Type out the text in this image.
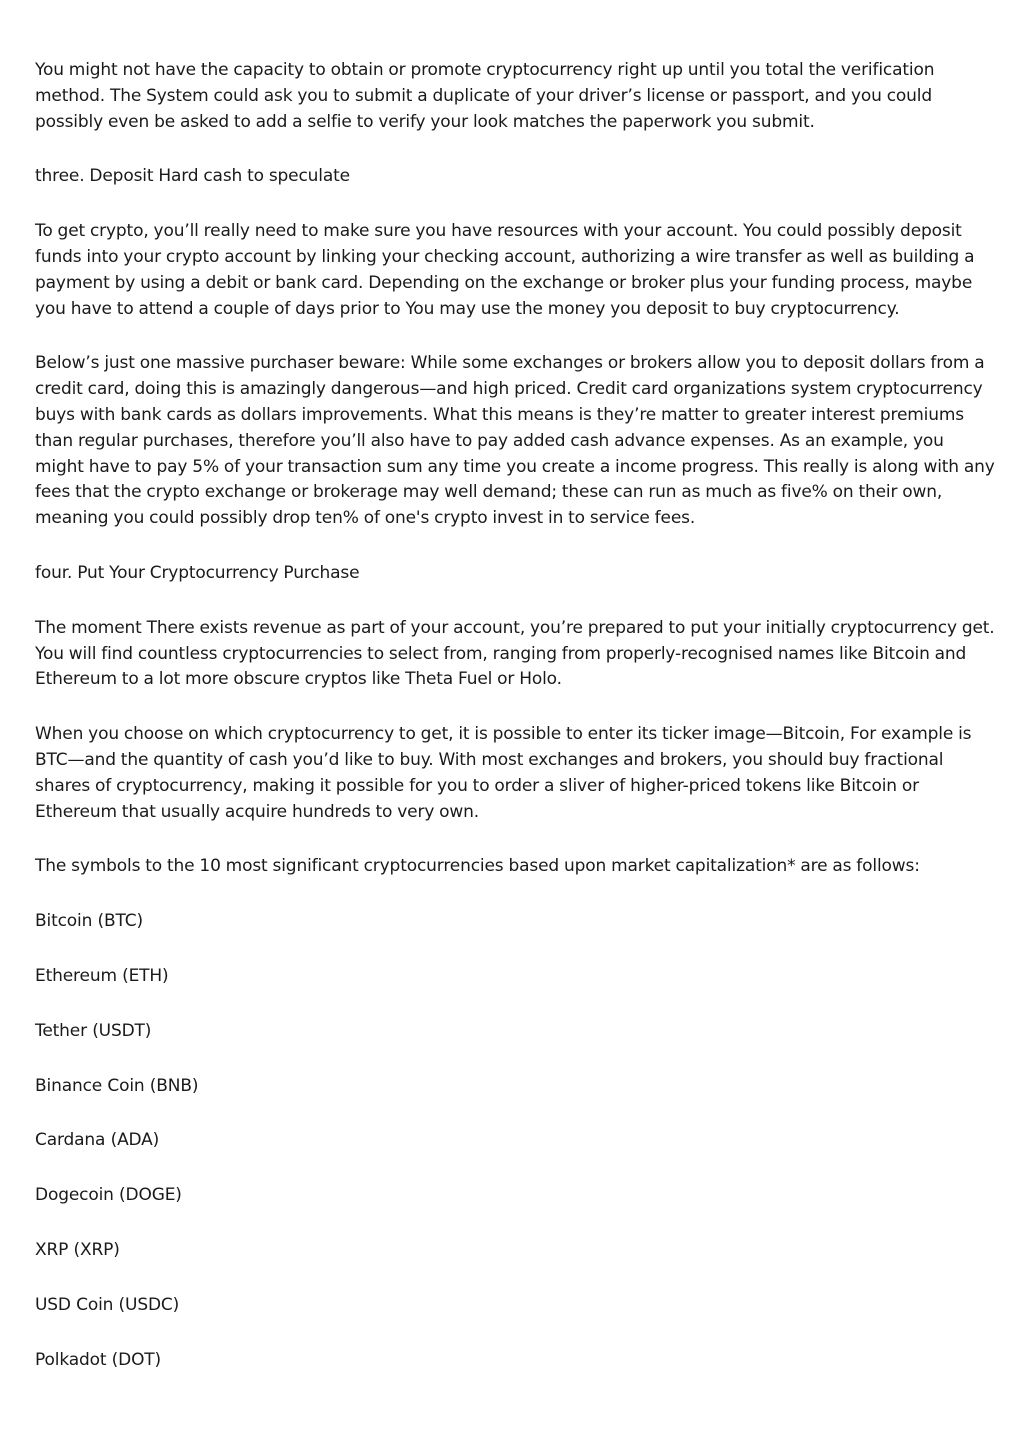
You might not have the capacity to obtain or promote cryptocurrency right up until you total the verification method. The System could ask you to submit a duplicate of your driver’s license or passport, and you could possibly even be asked to add a selfie to verify your look matches the paperwork you submit.

three. Deposit Hard cash to speculate

To get crypto, you’ll really need to make sure you have resources with your account. You could possibly deposit funds into your crypto account by linking your checking account, authorizing a wire transfer as well as building a payment by using a debit or bank card. Depending on the exchange or broker plus your funding process, maybe you have to attend a couple of days prior to You may use the money you deposit to buy cryptocurrency.

Below’s just one massive purchaser beware: While some exchanges or brokers allow you to deposit dollars from a credit card, doing this is amazingly dangerous—and high priced. Credit card organizations system cryptocurrency buys with bank cards as dollars improvements. What this means is they’re matter to greater interest premiums than regular purchases, therefore you’ll also have to pay added cash advance expenses. As an example, you might have to pay 5% of your transaction sum any time you create a income progress. This really is along with any fees that the crypto exchange or brokerage may well demand; these can run as much as five% on their own, meaning you could possibly drop ten% of one's crypto invest in to service fees.

four. Put Your Cryptocurrency Purchase

The moment There exists revenue as part of your account, you’re prepared to put your initially cryptocurrency get. You will find countless cryptocurrencies to select from, ranging from properly-recognised names like Bitcoin and Ethereum to a lot more obscure cryptos like Theta Fuel or Holo.

When you choose on which cryptocurrency to get, it is possible to enter its ticker image—Bitcoin, For example is BTC—and the quantity of cash you’d like to buy. With most exchanges and brokers, you should buy fractional shares of cryptocurrency, making it possible for you to order a sliver of higher-priced tokens like Bitcoin or Ethereum that usually acquire hundreds to very own.

The symbols to the 10 most significant cryptocurrencies based upon market capitalization* are as follows:

Bitcoin (BTC)
Ethereum (ETH)
Tether (USDT)
Binance Coin (BNB)
Cardana (ADA)
Dogecoin (DOGE)
XRP (XRP)
USD Coin (USDC)
Polkadot (DOT)
